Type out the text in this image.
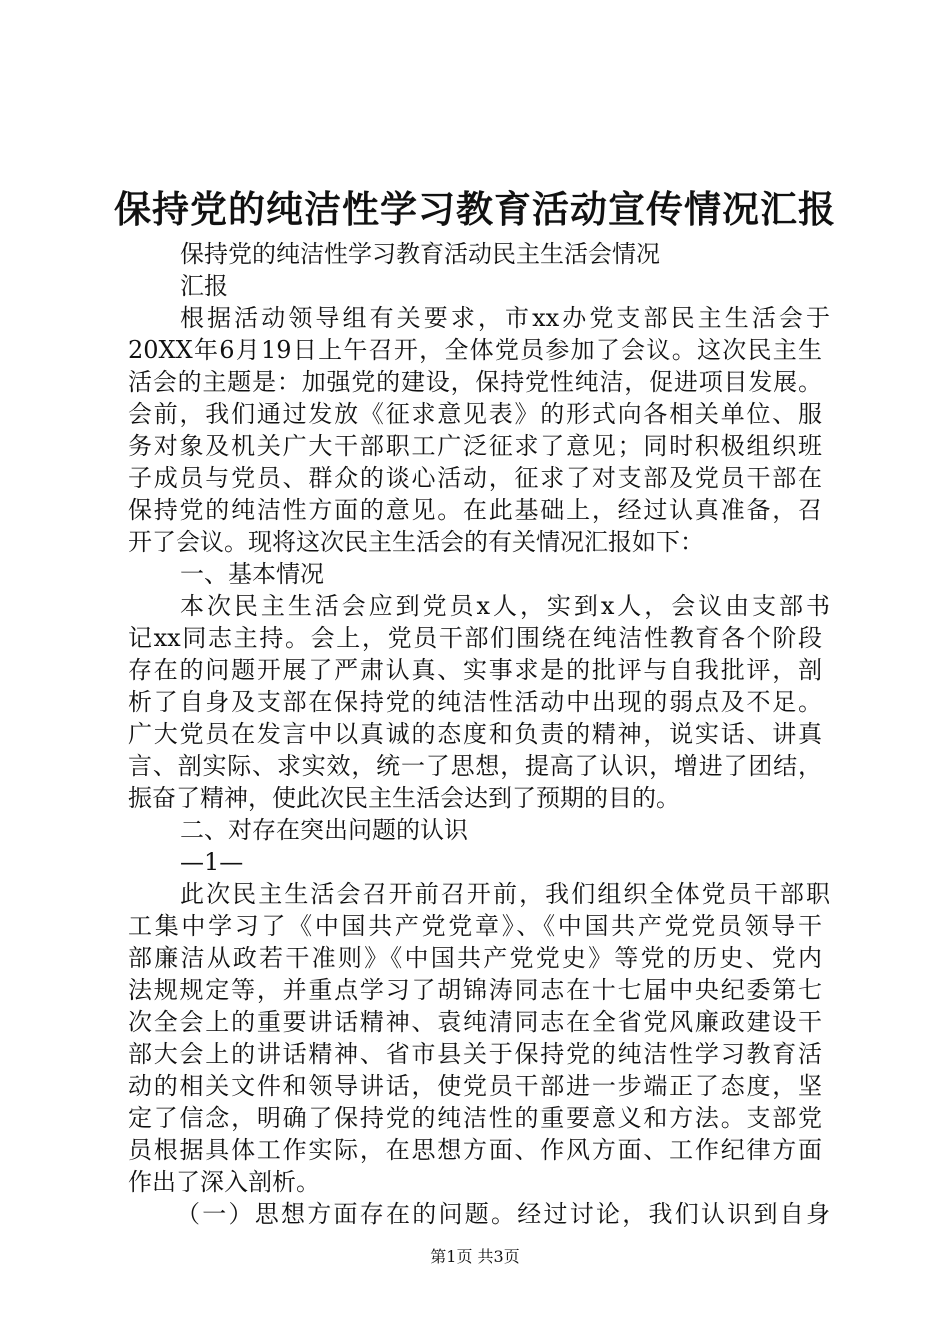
保持党的纯洁性学习教育活动宣传情况汇报
保持党的纯洁性学习教育活动民主生活会情况
汇报
根据活动领导组有关要求，市xx办党支部民主生活会于
20XX年6月19日上午召开，全体党员参加了会议。这次民主生
活会的主题是：加强党的建设，保持党性纯洁，促进项目发展。
会前，我们通过发放《征求意见表》的形式向各相关单位、服
务对象及机关广大干部职工广泛征求了意见；同时积极组织班
子成员与党员、群众的谈心活动，征求了对支部及党员干部在
保持党的纯洁性方面的意见。在此基础上，经过认真准备，召
开了会议。现将这次民主生活会的有关情况汇报如下：
一、基本情况
本次民主生活会应到党员x人，实到x人，会议由支部书
记xx同志主持。会上，党员干部们围绕在纯洁性教育各个阶段
存在的问题开展了严肃认真、实事求是的批评与自我批评，剖
析了自身及支部在保持党的纯洁性活动中出现的弱点及不足。
广大党员在发言中以真诚的态度和负责的精神，说实话、讲真
言、剖实际、求实效，统一了思想，提高了认识，增进了团结，
振奋了精神，使此次民主生活会达到了预期的目的。
二、对存在突出问题的认识
—1—
此次民主生活会召开前召开前，我们组织全体党员干部职
工集中学习了《中国共产党党章》、《中国共产党党员领导干
部廉洁从政若干准则》《中国共产党党史》等党的历史、党内
法规规定等，并重点学习了胡锦涛同志在十七届中央纪委第七
次全会上的重要讲话精神、袁纯清同志在全省党风廉政建设干
部大会上的讲话精神、省市县关于保持党的纯洁性学习教育活
动的相关文件和领导讲话，使党员干部进一步端正了态度，坚
定了信念，明确了保持党的纯洁性的重要意义和方法。支部党
员根据具体工作实际，在思想方面、作风方面、工作纪律方面
作出了深入剖析。
（一）思想方面存在的问题。经过讨论，我们认识到自身
第1页 共3页
